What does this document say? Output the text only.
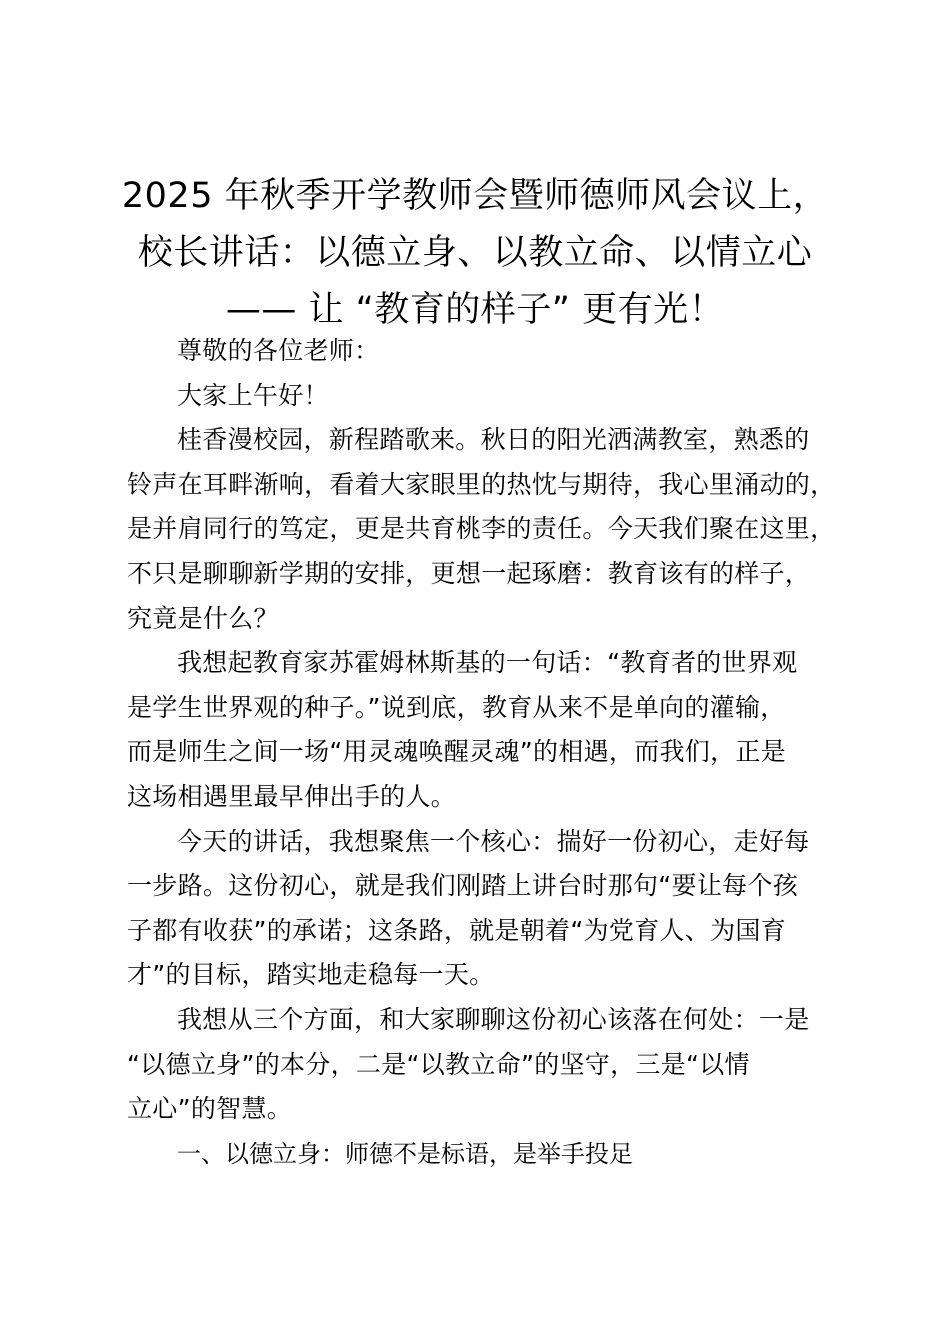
2025 年秋季开学教师会暨师德师风会议上，
校长讲话：以德立身、以教立命、以情立心
—— 让 “教育的样子” 更有光！
尊敬的各位老师：
大家上午好！
桂香漫校园，新程踏歌来。秋日的阳光洒满教室，熟悉的
铃声在耳畔渐响，看着大家眼里的热忱与期待，我心里涌动的，
是并肩同行的笃定，更是共育桃李的责任。今天我们聚在这里，
不只是聊聊新学期的安排，更想一起琢磨：教育该有的样子，
究竟是什么？
我想起教育家苏霍姆林斯基的一句话：“教育者的世界观
是学生世界观的种子。”说到底，教育从来不是单向的灌输，
而是师生之间一场“用灵魂唤醒灵魂”的相遇，而我们，正是
这场相遇里最早伸出手的人。
今天的讲话，我想聚焦一个核心：揣好一份初心，走好每
一步路。这份初心，就是我们刚踏上讲台时那句“要让每个孩
子都有收获”的承诺；这条路，就是朝着“为党育人、为国育
才”的目标，踏实地走稳每一天。
我想从三个方面，和大家聊聊这份初心该落在何处：一是
“以德立身”的本分，二是“以教立命”的坚守，三是“以情
立心”的智慧。
一、以德立身：师德不是标语，是举手投足
